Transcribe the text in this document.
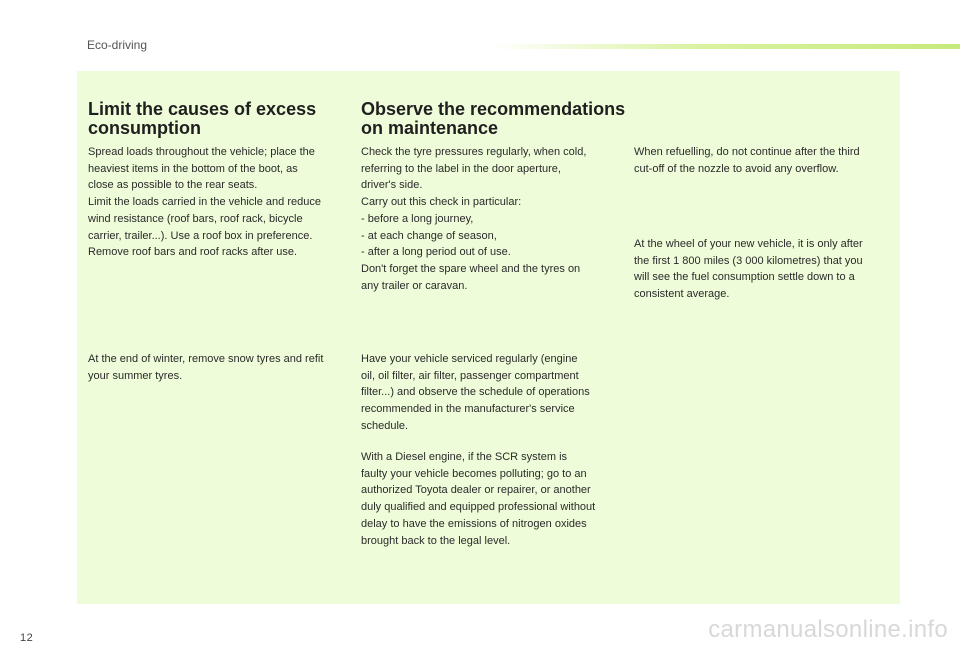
Eco-driving
Limit the causes of excess
consumption

Spread loads throughout the vehicle; place the
heaviest items in the bottom of the boot, as
close as possible to the rear seats.
Limit the loads carried in the vehicle and reduce
wind resistance (roof bars, roof rack, bicycle
carrier, trailer...). Use a roof box in preference.
Remove roof bars and roof racks after use.

At the end of winter, remove snow tyres and refit
your summer tyres.

Observe the recommendations
on maintenance

Check the tyre pressures regularly, when cold,
referring to the label in the door aperture,
driver's side.
Carry out this check in particular:
- before a long journey,
- at each change of season,
- after a long period out of use.
Don't forget the spare wheel and the tyres on
any trailer or caravan.

Have your vehicle serviced regularly (engine
oil, oil filter, air filter, passenger compartment
filter...) and observe the schedule of operations
recommended in the manufacturer's service
schedule.

With a Diesel engine, if the SCR system is
faulty your vehicle becomes polluting; go to an
authorized Toyota dealer or repairer, or another
duly qualified and equipped professional without
delay to have the emissions of nitrogen oxides
brought back to the legal level.

When refuelling, do not continue after the third
cut-off of the nozzle to avoid any overflow.

At the wheel of your new vehicle, it is only after
the first 1 800 miles (3 000 kilometres) that you
will see the fuel consumption settle down to a
consistent average.

12	carmanualsonline.info
